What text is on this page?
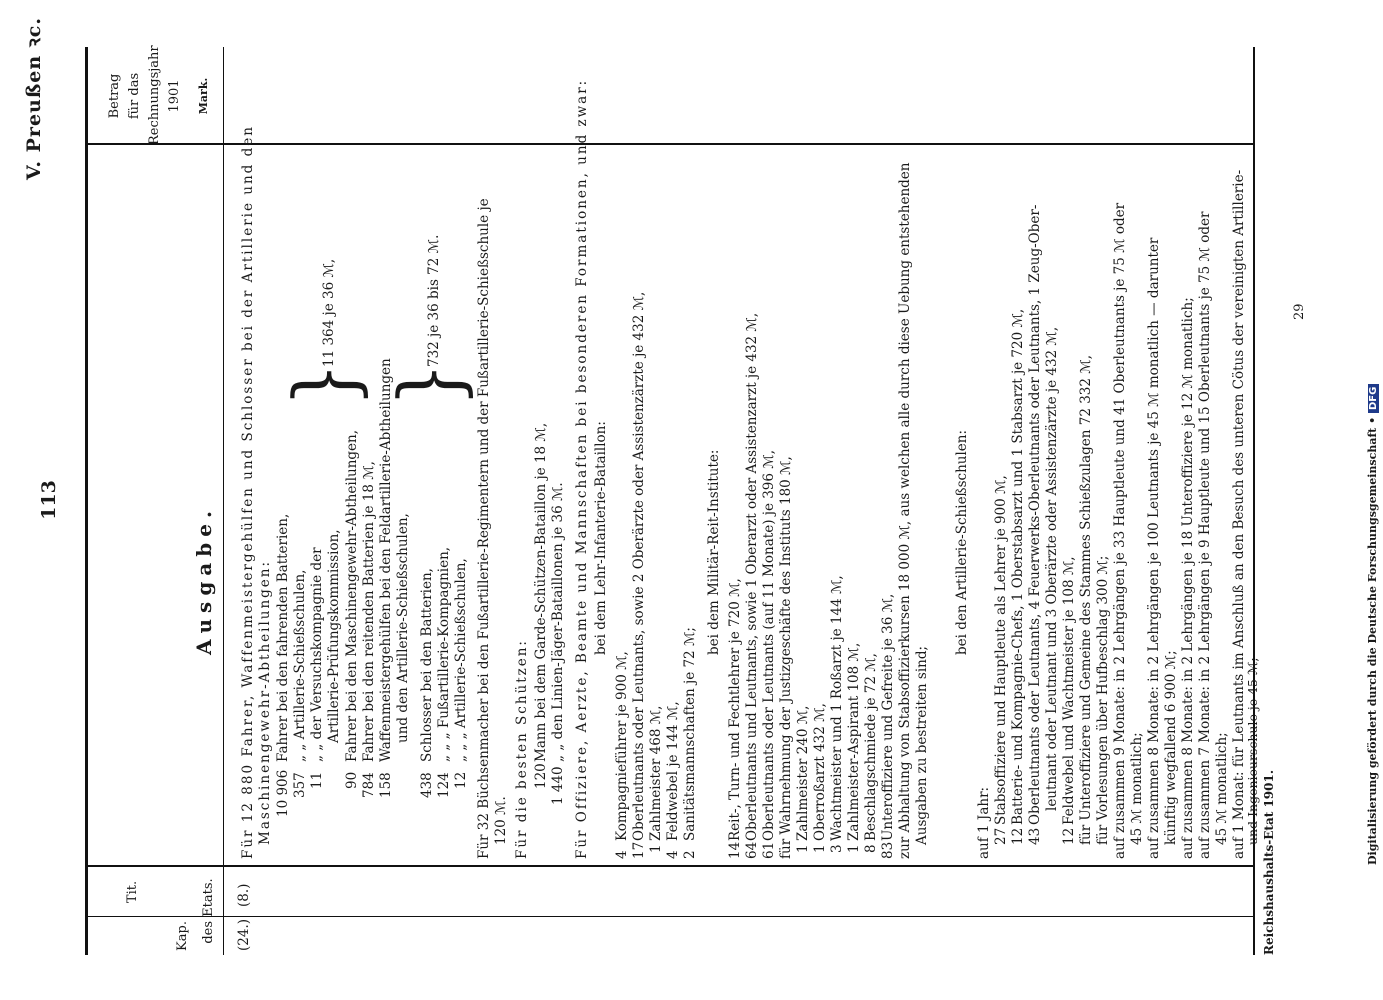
V. Preußen ꝛc.
113
Kap.
Tit.	des Etats.
Betrag für das Rechnungsjahr 1901 Mark.
(24.)
(8.)
Ausgabe. Für 12 880 Fahrer, Waffenmeistergehülfen und Schlosser bei der Artillerie und den Maschinengewehr-Abtheilungen: 10 906
Fahrer bei den fahrenden Batterien,
357
„ „ Artillerie-Schießschulen,
11
„ „ der Versuchskompagnie der Artillerie-Prüfungskommission,
90
Fahrer bei den Maschinengewehr-Abtheilungen,
784
Fahrer bei den reitenden Batterien je 18 ℳ,
158
Waffenmeistergehülfen bei den Feldartillerie-Abtheilungen und den Artillerie-Schießschulen,
438
Schlosser bei den Batterien,
124
„ „ „ Fußartillerie-Kompagnien,
12
„ „ „ Artillerie-Schießschulen,
}
11 364 je 36 ℳ,
}
732 je 36 bis 72 ℳ.	Für 32 Büchsenmacher bei den Fußartillerie-Regimentern und der Fußartillerie-Schießschule je 120 ℳ. Für die besten Schützen: 120
Mann bei dem Garde-Schützen-Bataillon je 18 ℳ,
1 440
„ „ den Linien-Jäger-Bataillonen je 36 ℳ. Für Offiziere, Aerzte, Beamte und Mannschaften bei besonderen Formationen, und zwar: bei dem Lehr-Infanterie-Bataillon:
4
Kompagnieführer je 900 ℳ,
17
Oberleutnants oder Leutnants, sowie 2 Oberärzte oder Assistenzärzte je 432 ℳ,
1
Zahlmeister 468 ℳ,
4
Feldwebel je 144 ℳ,
2
Sanitätsmannschaften je 72 ℳ;
bei dem Militär-Reit-Institute:
14
Reit-, Turn- und Fechtlehrer je 720 ℳ,
64
Oberleutnants und Leutnants, sowie 1 Oberarzt oder Assistenzarzt je 432 ℳ,
61
Oberleutnants oder Leutnants (auf 11 Monate) je 396 ℳ, für Wahrnehmung der Justizgeschäfte des Instituts 180 ℳ, 1
Zahlmeister 240 ℳ,
1
Oberroßarzt 432 ℳ,
3
Wachtmeister und 1 Roßarzt je 144 ℳ,
1
Zahlmeister-Aspirant 108 ℳ,
8
Beschlagschmiede je 72 ℳ,
83
Unteroffiziere und Gefreite je 36 ℳ, zur Abhaltung von Stabsoffizierkursen 18 000 ℳ, aus welchen alle durch diese Uebung entstehenden Ausgaben zu bestreiten sind;
bei den Artillerie-Schießschulen:
auf 1 Jahr: 27
Stabsoffiziere und Hauptleute als Lehrer je 900 ℳ,
12
Batterie- und Kompagnie-Chefs, 1 Oberstabsarzt und 1 Stabsarzt je 720 ℳ,
43
Oberleutnants oder Leutnants, 4 Feuerwerks-Oberleutnants oder Leutnants, 1 Zeug-Ober- leutnant oder Leutnant und 3 Oberärzte oder Assistenzärzte je 432 ℳ,
12
Feldwebel und Wachtmeister je 108 ℳ, für Unteroffiziere und Gemeine des Stammes Schießzulagen 72 332 ℳ, für Vorlesungen über Hufbeschlag 300 ℳ; auf zusammen 9 Monate: in 2 Lehrgängen je 33 Hauptleute und 41 Oberleutnants je 75 ℳ oder 45 ℳ monatlich; auf zusammen 8 Monate: in 2 Lehrgängen je 100 Leutnants je 45 ℳ monatlich — darunter künftig wegfallend 6 900 ℳ; auf zusammen 8 Monate: in 2 Lehrgängen je 18 Unteroffiziere je 12 ℳ monatlich; auf zusammen 7 Monate: in 2 Lehrgängen je 9 Hauptleute und 15 Oberleutnants je 75 ℳ oder 45 ℳ monatlich; auf 1 Monat: für Leutnants im Anschluß an den Besuch des unteren Cötus der vereinigten Artillerie-
und Ingenieurschule je 45 ℳ;
Reichshaushalts-Etat 1901.
29
Digitalisierung gefördert durch die Deutsche Forschungsgemeinschaft • DFG
